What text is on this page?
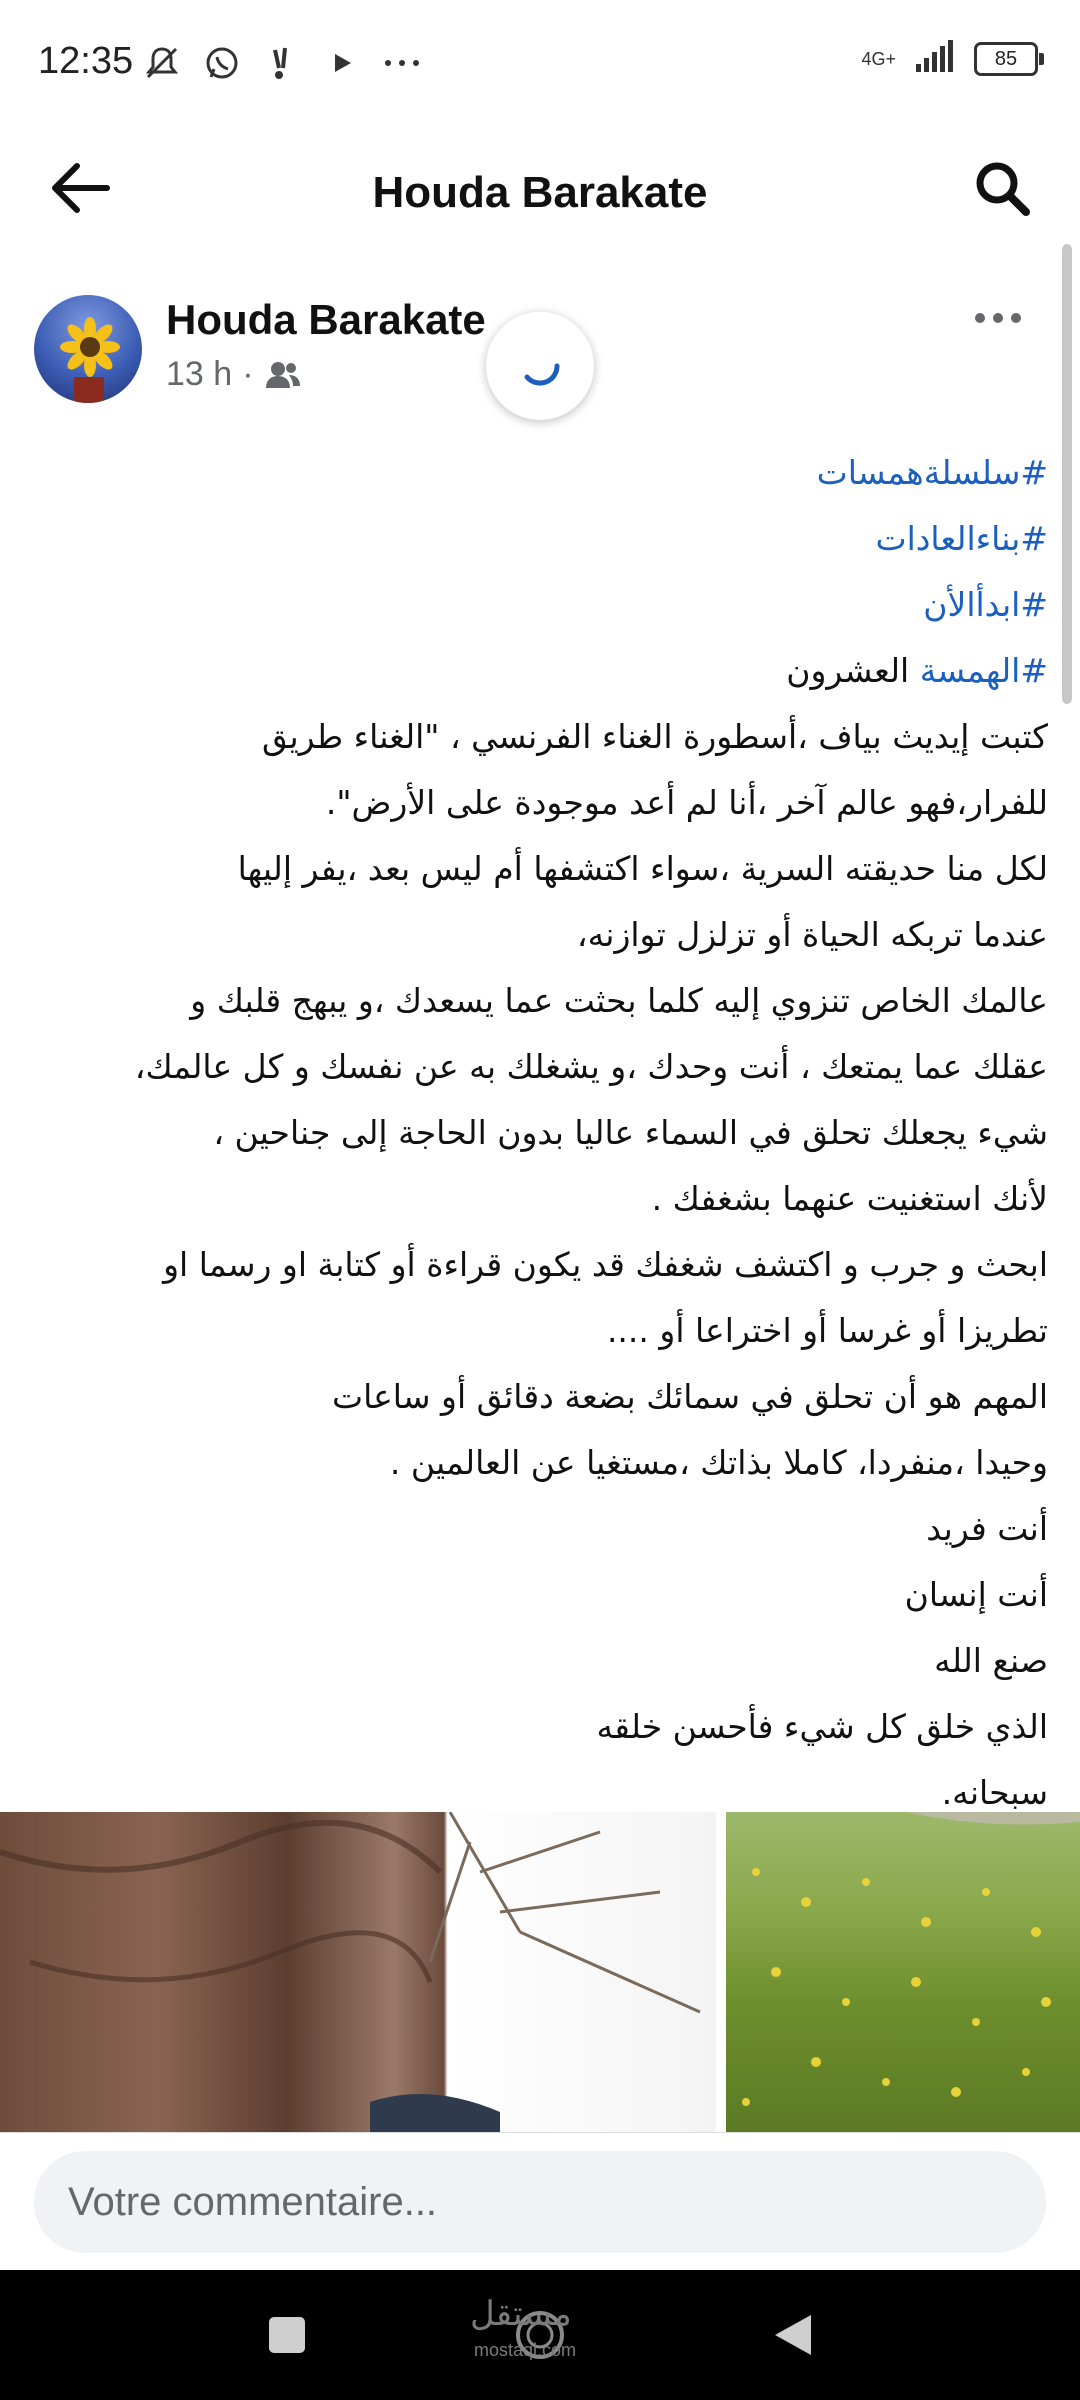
12:35	4G+	85
Houda Barakate
Houda Barakate
13 h ·
#سلسلةهمسات
#بناءالعادات
#ابدأالأن
#الهمسة العشرون
كتبت إيديث بياف ،أسطورة الغناء الفرنسي ، "الغناء طريق
للفرار،فهو عالم آخر ،أنا لم أعد موجودة على الأرض".
لكل منا حديقته السرية ،سواء اكتشفها أم ليس بعد ،يفر إليها
عندما تربكه الحياة أو تزلزل توازنه،
عالمك الخاص تنزوي إليه كلما بحثت عما يسعدك ،و يبهج قلبك و
عقلك عما يمتعك ، أنت وحدك ،و يشغلك به عن نفسك و كل عالمك،
شيء يجعلك تحلق في السماء عاليا بدون الحاجة إلى جناحين ،
لأنك استغنيت عنهما بشغفك .
ابحث و جرب و اكتشف شغفك قد يكون قراءة أو كتابة او رسما او
تطريزا أو غرسا أو اختراعا أو ....
المهم هو أن تحلق في سمائك بضعة دقائق أو ساعات
وحيدا ،منفردا، كاملا بذاتك ،مستغيا عن العالمين .
أنت فريد
أنت إنسان
صنع الله
الذي خلق كل شيء فأحسن خلقه
سبحانه.
Votre commentaire...
مستقل
mostaql.com
